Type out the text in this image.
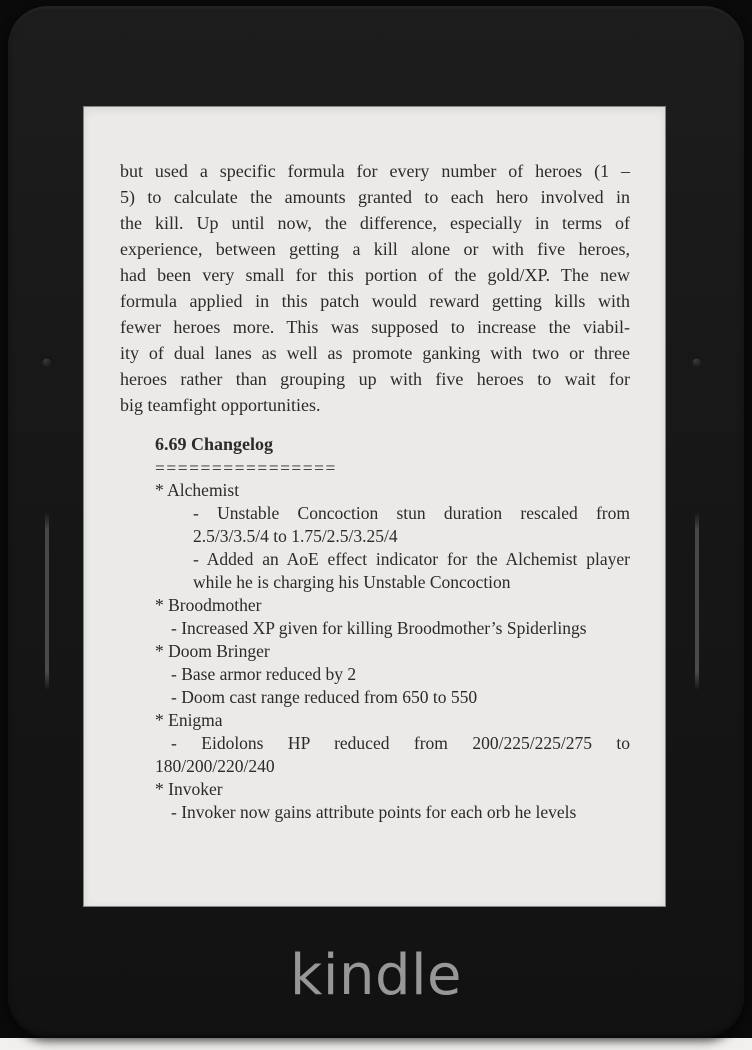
but used a specific formula for every number of heroes (1 –
5) to calculate the amounts granted to each hero involved in
the kill. Up until now, the difference, especially in terms of
experience, between getting a kill alone or with five heroes,
had been very small for this portion of the gold/XP. The new
formula applied in this patch would reward getting kills with
fewer heroes more. This was supposed to increase the viabil-
ity of dual lanes as well as promote ganking with two or three
heroes rather than grouping up with five heroes to wait for
big teamfight opportunities.
6.69 Changelog
================
* Alchemist
- Unstable Concoction stun duration rescaled from
2.5/3/3.5/4 to 1.75/2.5/3.25/4
- Added an AoE effect indicator for the Alchemist player
while he is charging his Unstable Concoction
* Broodmother
- Increased XP given for killing Broodmother’s Spiderlings
* Doom Bringer
- Base armor reduced by 2
- Doom cast range reduced from 650 to 550
* Enigma
- Eidolons HP reduced from 200/225/225/275 to
180/200/220/240
* Invoker
- Invoker now gains attribute points for each orb he levels
kindle
